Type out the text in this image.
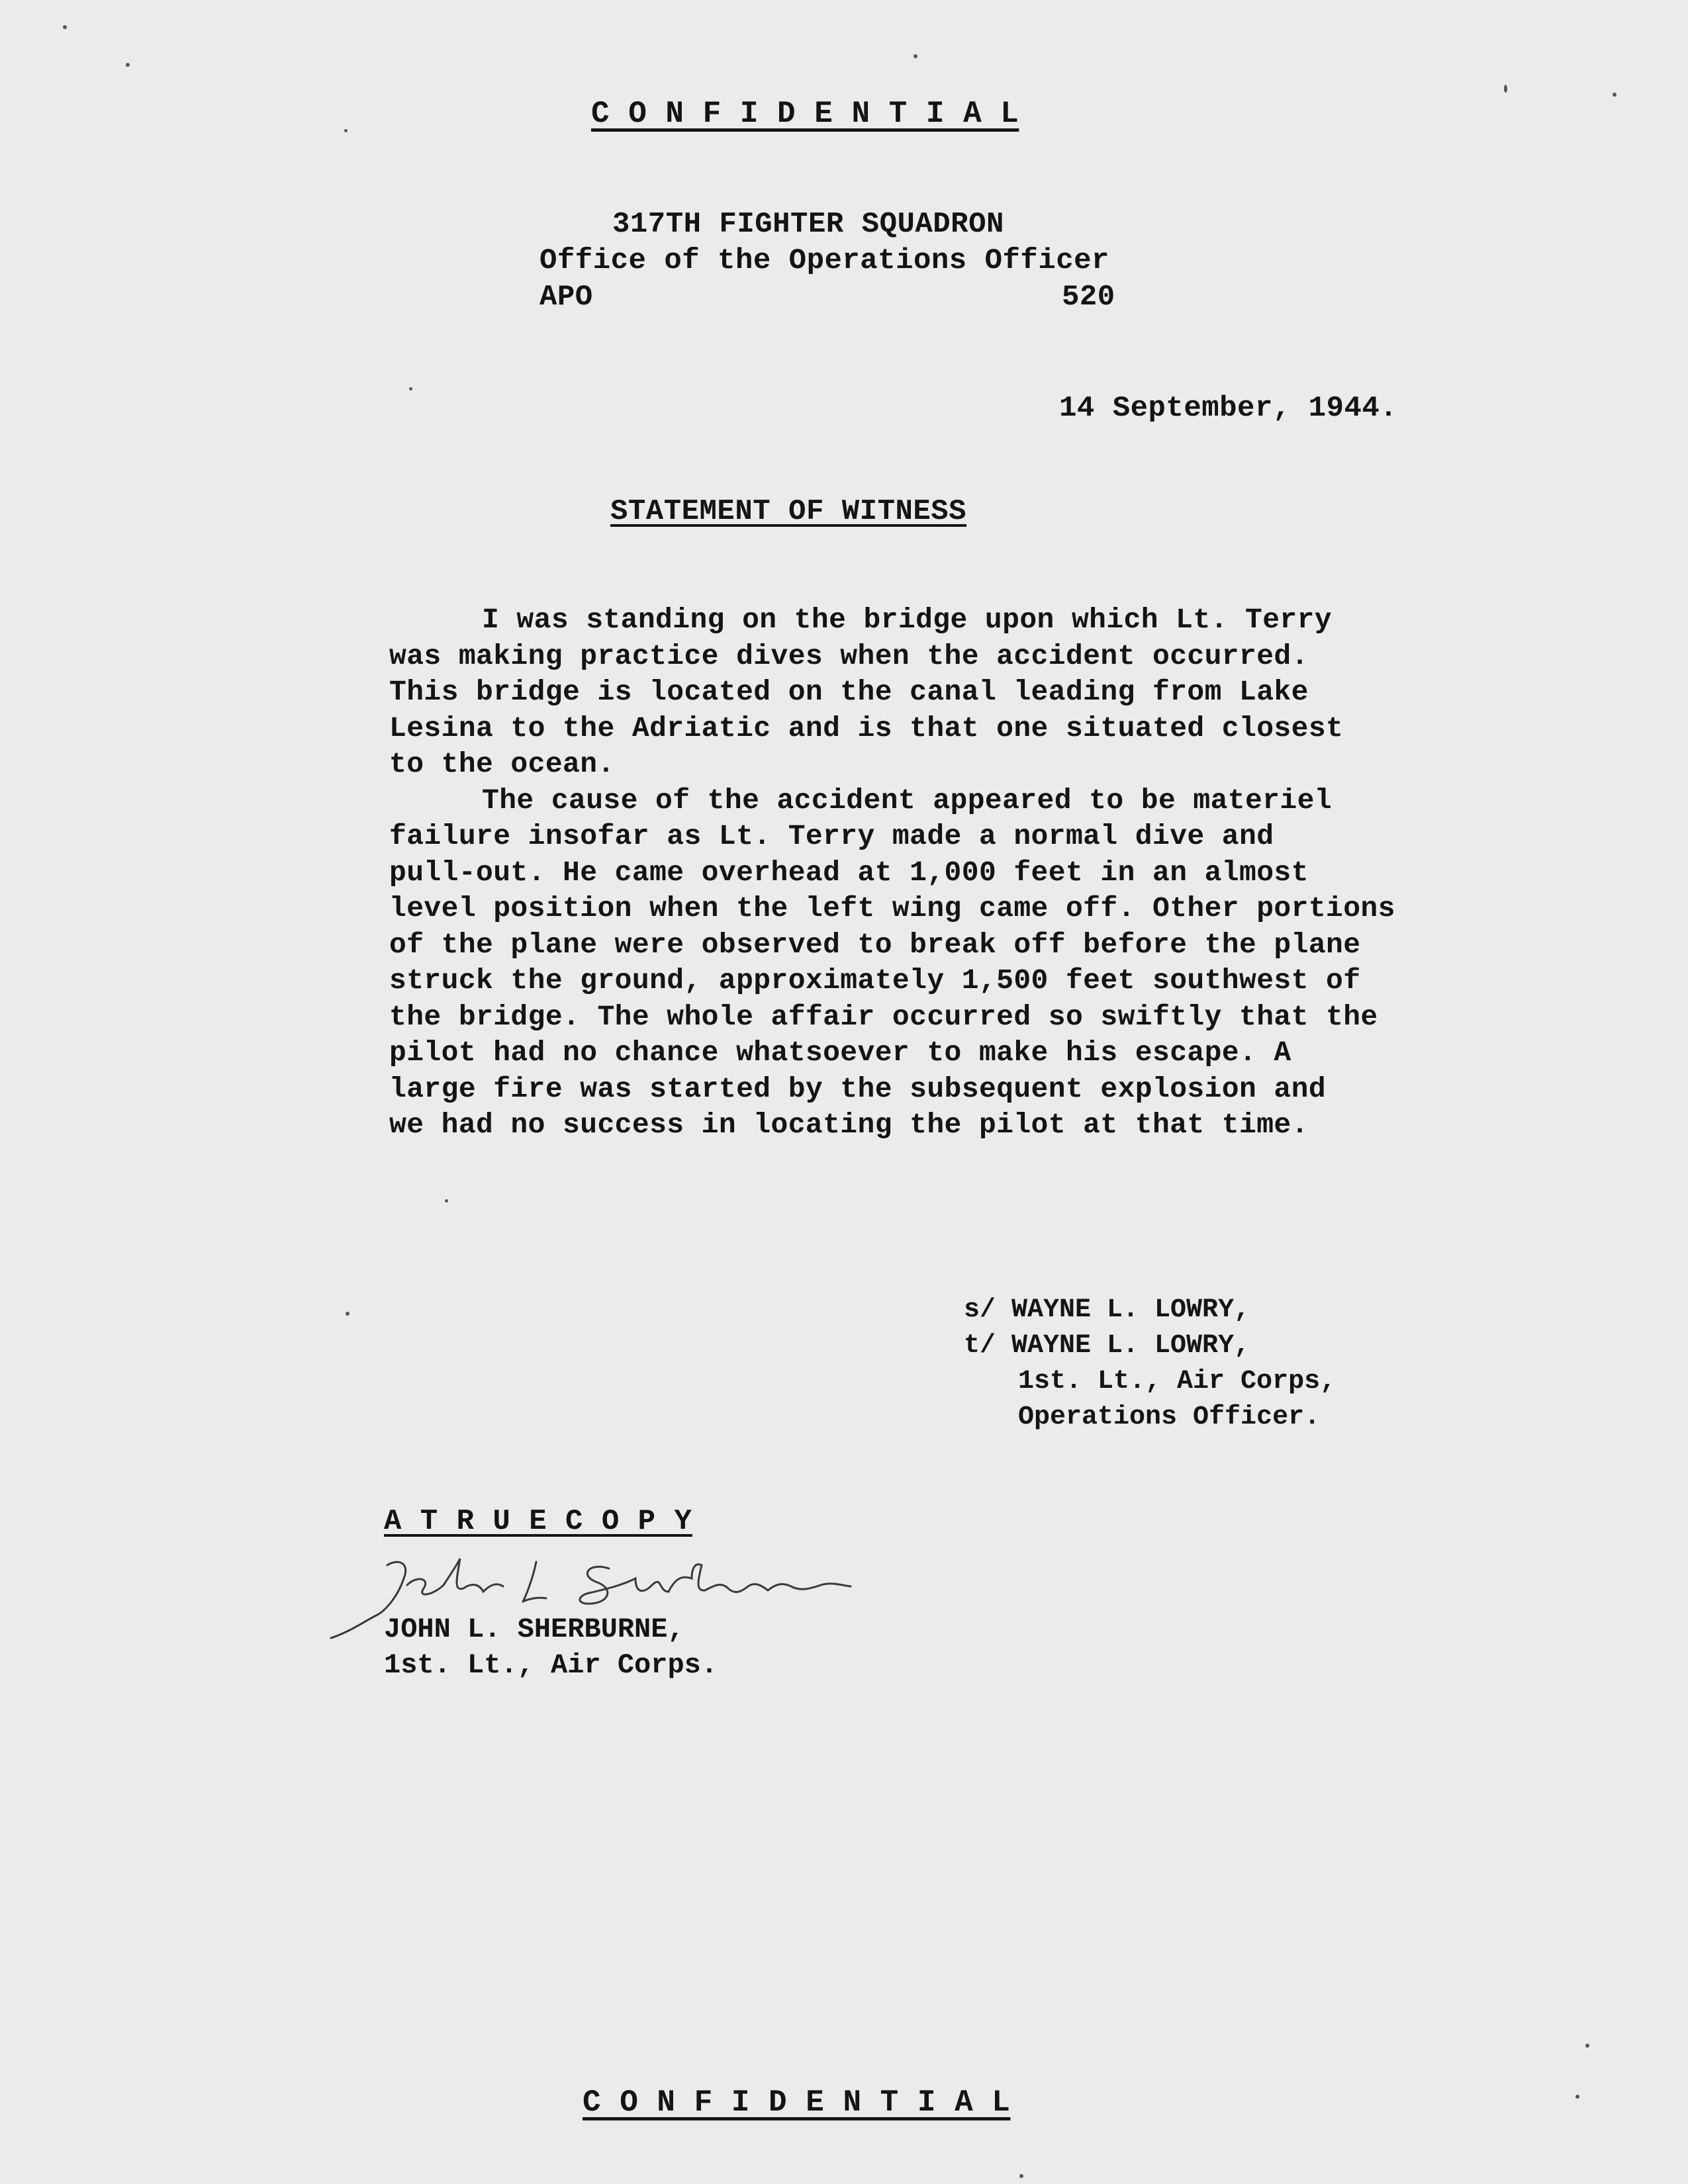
C O N F I D E N T I A L

317TH FIGHTER SQUADRON

Office of the Operations Officer

APO	520

14 September, 1944.

STATEMENT OF WITNESS

I was standing on the bridge upon which Lt. Terry
was making practice dives when the accident occurred.
This bridge is located on the canal leading from Lake
Lesina to the Adriatic and is that one situated closest
to the ocean.
The cause of the accident appeared to be materiel
failure insofar as Lt. Terry made a normal dive and
pull-out. He came overhead at 1,000 feet in an almost
level position when the left wing came off. Other portions
of the plane were observed to break off before the plane
struck the ground, approximately 1,500 feet southwest of
the bridge. The whole affair occurred so swiftly that the
pilot had no chance whatsoever to make his escape. A
large fire was started by the subsequent explosion and
we had no success in locating the pilot at that time.
s/ WAYNE L. LOWRY,
t/ WAYNE L. LOWRY,
1st. Lt., Air Corps,
Operations Officer.

A T R U E C O P Y

JOHN L. SHERBURNE,
1st. Lt., Air Corps.

C O N F I D E N T I A L
